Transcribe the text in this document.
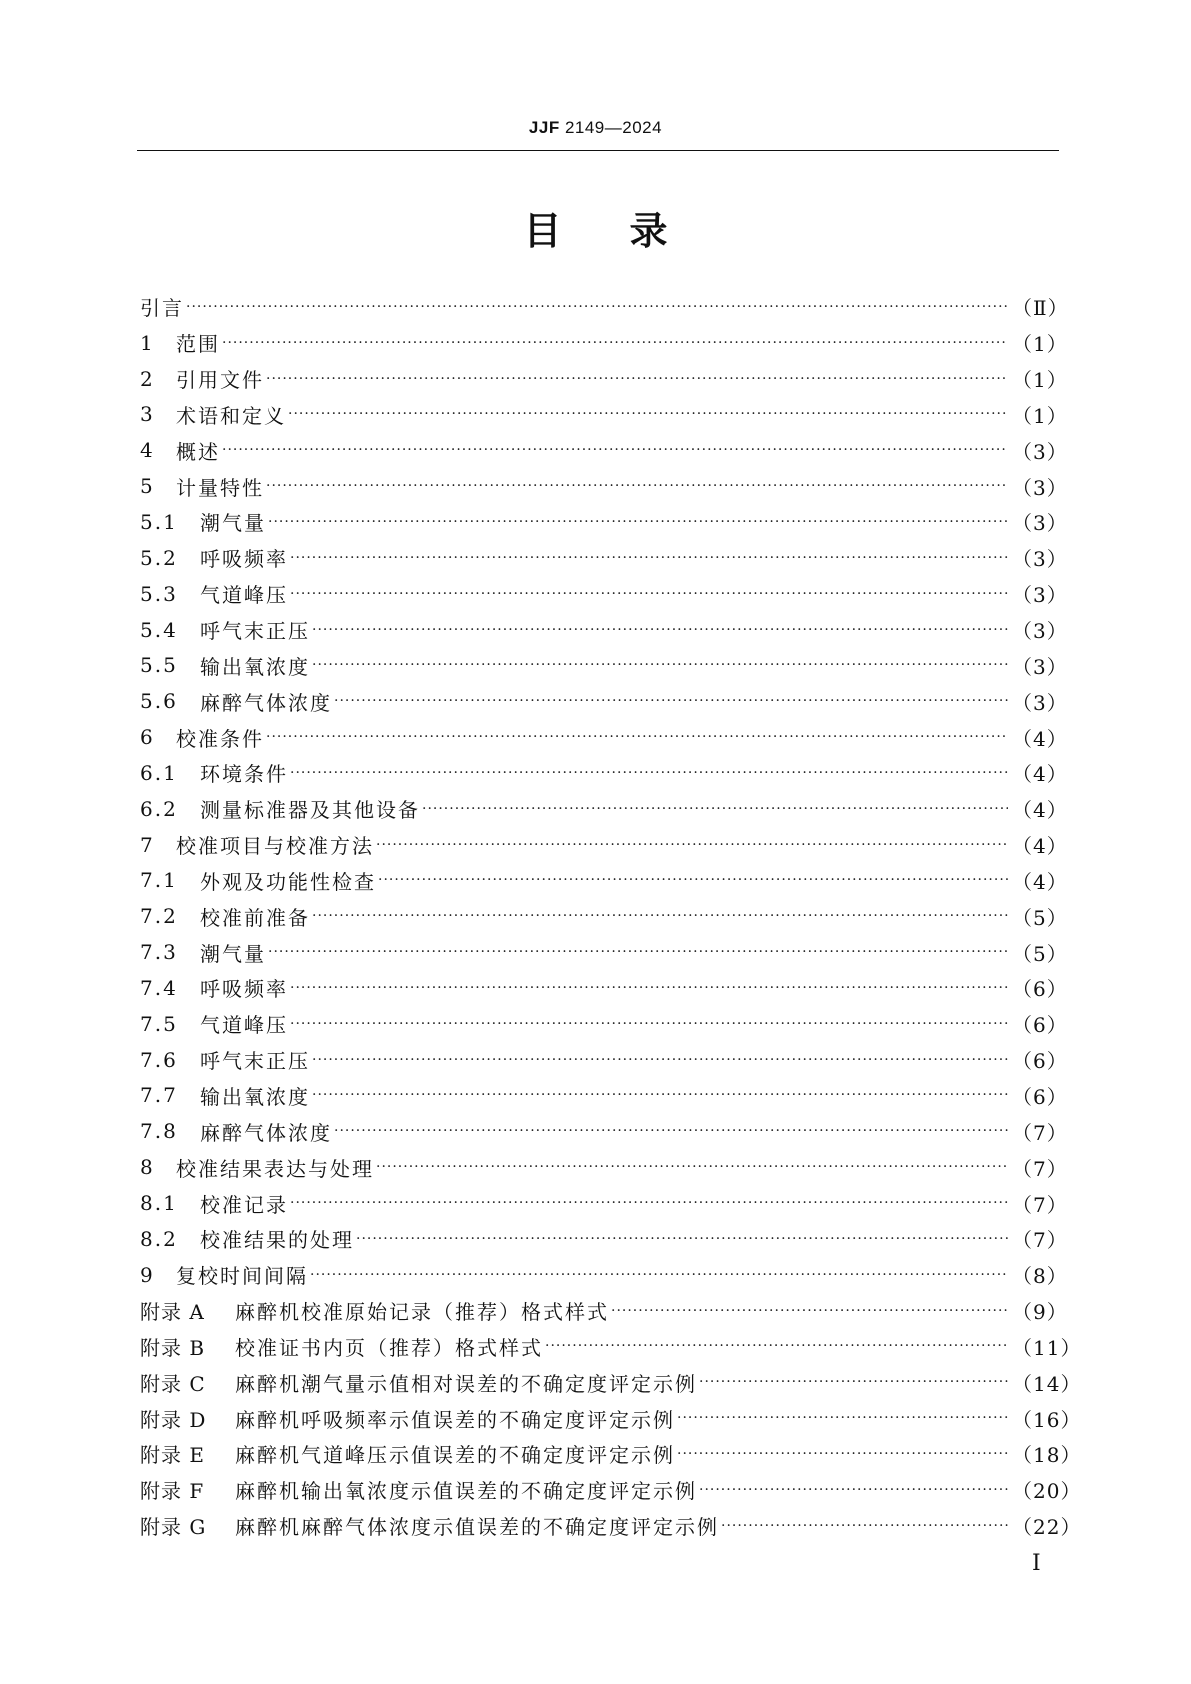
JJF 2149—2024
目 录
引言 ·····	（Ⅱ）
1	范围 ·····	（1）
2	引用文件 ·····	（1）
3	术语和定义 ·····	（1）
4	概述 ·····	（3）
5	计量特性 ·····	（3）
5.1	潮气量 ·····	（3）
5.2	呼吸频率 ·····	（3）
5.3	气道峰压 ·····	（3）
5.4	呼气末正压 ·····	（3）
5.5	输出氧浓度 ·····	（3）
5.6	麻醉气体浓度 ·····	（3）
6	校准条件 ·····	（4）
6.1	环境条件 ·····	（4）
6.2	测量标准器及其他设备 ·····	（4）
7	校准项目与校准方法 ·····	（4）
7.1	外观及功能性检查 ·····	（4）
7.2	校准前准备 ·····	（5）
7.3	潮气量 ·····	（5）
7.4	呼吸频率 ·····	（6）
7.5	气道峰压 ·····	（6）
7.6	呼气末正压 ·····	（6）
7.7	输出氧浓度 ·····	（6）
7.8	麻醉气体浓度 ·····	（7）
8	校准结果表达与处理 ·····	（7）
8.1	校准记录 ·····	（7）
8.2	校准结果的处理 ·····	（7）
9	复校时间间隔 ·····	（8）
附录 A	麻醉机校准原始记录（推荐）格式样式 ·····	（9）
附录 B	校准证书内页（推荐）格式样式 ·····	（11）
附录 C	麻醉机潮气量示值相对误差的不确定度评定示例 ·····	（14）
附录 D	麻醉机呼吸频率示值误差的不确定度评定示例 ·····	（16）
附录 E	麻醉机气道峰压示值误差的不确定度评定示例 ·····	（18）
附录 F	麻醉机输出氧浓度示值误差的不确定度评定示例 ·····	（20）
附录 G	麻醉机麻醉气体浓度示值误差的不确定度评定示例 ·····	（22）
Ⅰ
